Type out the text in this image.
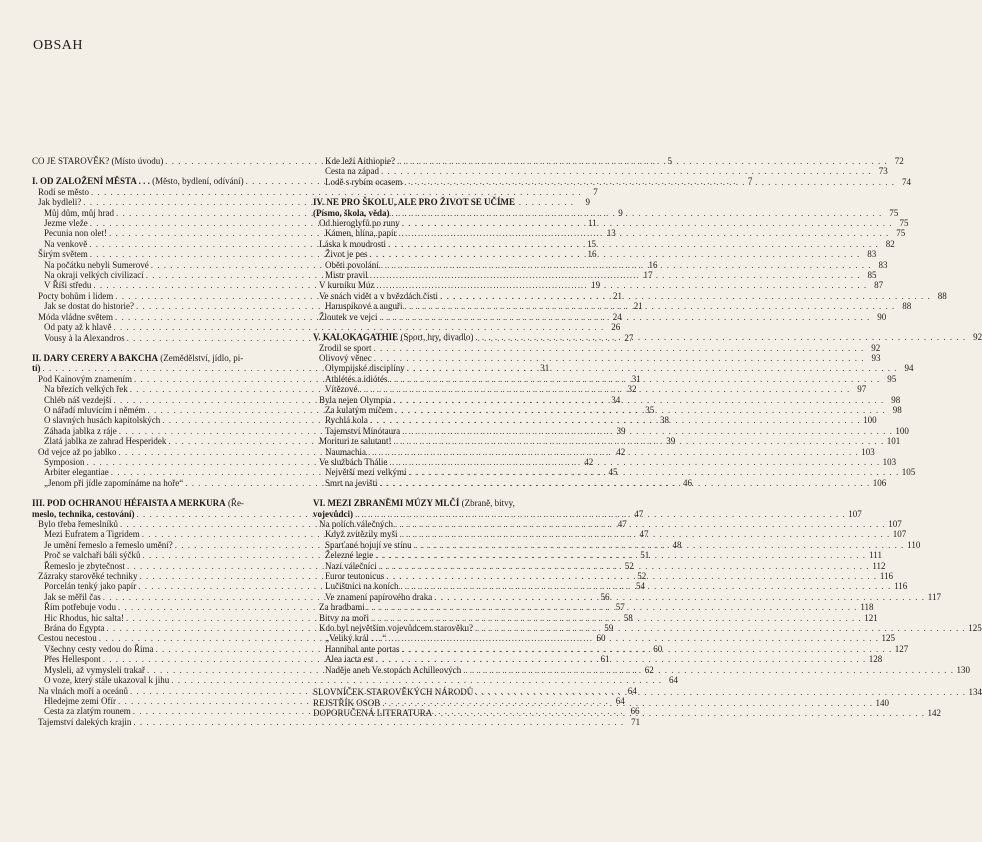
OBSAH
CO JE STAROVĚK? (Místo úvodu) . . .	5
I. OD ZALOŽENÍ MĚSTA . . . (Město, bydlení, odívání) . . .	7
Rodí se město . . .	7
Jak bydleli? . . .	9
Můj dům, můj hrad . . .	9
Jezme vleže . . .	11
Pecunia non olet! . . .	13
Na venkově . . .	15
Širým světem . . .	16
Na počátku nebyli Sumerové . . .	16
Na okraji velkých civilizací . . .	17
V Říši středu . . .	19
Pocty bohům i lidem . . .	21
Jak se dostat do historie? . . .	21
Móda vládne světem . . .	24
Od paty až k hlavě . . .	26
Vousy à la Alexandros . . .	27
II. DARY CERERY A BAKCHA (Zemědělství, jídlo, pi-
tí) . . .	31
Pod Kainovým znamením . . .	31
Na březích velkých řek . . .	32
Chléb náš vezdejší . . .	34
O nářadí mluvícím i němém . . .	35
O slavných husách kapitolských . . .	38
Záhada jablka z ráje . . .	39
Zlatá jablka ze zahrad Hesperidek . . .	39
Od vejce až po jablko . . .	42
Symposion . . .	42
Arbiter elegantiae . . .	45
„Jenom při jídle zapomínáme na hoře“ . . .	46
III. POD OCHRANOU HÉFAISTA A MERKURA (Ře-
meslo, technika, cestování) . . .	47
Bylo třeba řemeslníků . . .	47
Mezi Eufratem a Tigridem . . .	47
Je umění řemeslo a řemeslo umění? . . .	48
Proč se valchaři báli sýčků . . .	51
Řemeslo je zbytečnost . . .	52
Zázraky starověké techniky . . .	52
Porcelán tenký jako papír . . .	54
Jak se měřil čas . . .	56
Řím potřebuje vodu . . .	57
Hic Rhodus, hic salta! . . .	58
Brána do Egypta . . .	59
Cestou necestou . . .	60
Všechny cesty vedou do Říma . . .	60
Přes Hellespont . . .	61
Mysleli, až vymysleli trakař . . .	62
O voze, který stále ukazoval k jihu . . .	64
Na vlnách moří a oceánů . . .	64
Hledejme zemi Ofír . . .	64
Cesta za zlatým rounem . . .	66
Tajemství dalekých krajin . . .	71
Kde leží Aithiopie? . . .	72
Cesta na západ . . .	73
Lodě s rybím ocasem . . .	74
IV. NE PRO ŠKOLU, ALE PRO ŽIVOT SE UČÍME
(Písmo, škola, věda) . . .	75
Od hieroglyfů po runy . . .	75
Kámen, hlína, papír . . .	75
Láska k moudrosti . . .	82
Život je pes . . .	83
Oběti povolání . . .	83
Mistr pravil . . .	85
V kurníku Múz . . .	87
Ve snách vidět a v hvězdách čísti . . .	88
Haruspikové a auguři . . .	88
Žloutek ve vejci . . .	90
V. KALOKAGATHIE (Sport, hry, divadlo) . . .	92
Zrodil se sport . . .	92
Olivový věnec . . .	93
Olympijské disciplíny . . .	94
Athlétés a idiótés . . .	95
Vítězové . . .	97
Byla nejen Olympia . . .	98
Za kulatým míčem . . .	98
Rychlá kola . . .	100
Tajemství Mínótaura . . .	100
Morituri te salutant! . . .	101
Naumachia . . .	103
Ve službách Thálie . . .	103
Největší mezi velkými . . .	105
Smrt na jevišti . . .	106
VI. MEZI ZBRANĚMI MÚZY MLČÍ (Zbraně, bitvy,
vojevůdci) . . .	107
Na polích válečných . . .	107
Když zvítězily myši . . .	107
Sparťané bojují ve stínu . . .	110
Železné legie . . .	111
Nazí válečníci . . .	112
Furor teutonicus . . .	116
Lučištníci na koních . . .	116
Ve znamení papírového draka . . .	117
Za hradbami . . .	118
Bitvy na moři . . .	121
Kdo byl největším vojevůdcem starověku? . . .	125
„Veliký král . . .“ . . .	125
Hannibal ante portas . . .	127
Alea iacta est . . .	128
Naděje aneb Ve stopách Achilleových . . .	130
SLOVNÍČEK STAROVĚKÝCH NÁRODŮ . . .	134
REJSTŘÍK OSOB . . .	140
DOPORUČENÁ LITERATURA . . .	142
